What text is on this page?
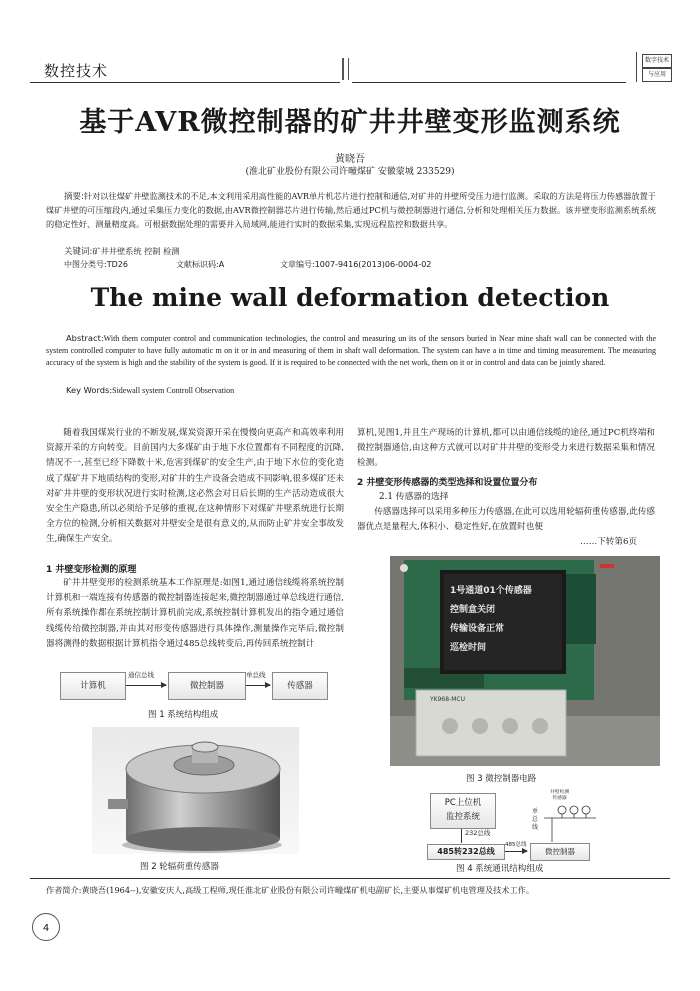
数控技术
数字技术
与应用
基于AVR微控制器的矿井井壁变形监测系统
黄晓吾
(淮北矿业股份有限公司许疃煤矿 安徽蒙城 233529)
摘要:针对以往煤矿井壁监测技术的不足,本文利用采用高性能的AVR单片机芯片进行控制和通信,对矿井的井壁所受压力进行监测。采取的方法是将压力传感器放置于煤矿井壁的可压缩段内,通过采集压力变化的数据,由AVR微控制器芯片进行传输,然后通过PC机与微控制器进行通信,分析和处理相关压力数据。该井壁变形监测系统系统的稳定性好、测量精度高。可根据数据处理的需要并入局域网,能进行实时的数据采集,实现远程监控和数据共享。
关键词:矿井井壁系统 控制 检测
中图分类号:TD26	文献标识码:A	文章编号:1007-9416(2013)06-0004-02
The mine wall deformation detection
Abstract:With them computer control and communication technologies, the control and measuring un its of the sensors buried in Near mine shaft wall can be connected with the system controlled computer to have fully automatic m on it or in and measuring of them in shaft wall deformation. The system can have a in time and timing measurement. The measuring accuracy of the system is high and the stability of the system is good. If it is required to be connected with the net work, them on it or in control and data can be jointly shared.
Key Words:Sidewall system Controll Observation

随着我国煤炭行业的不断发展,煤炭资源开采在慢慢向更高产和高效率利用资源开采的方向转变。目前国内大多煤矿由于地下水位置都有不同程度的沉降,情况不一,甚至已经下降数十米,危害到煤矿的安全生产,由于地下水位的变化造成了煤矿井下地质结构的变形,对矿井的生产设备会造成不同影响,很多煤矿还未对矿井井壁的变形状况进行实时检测,这必然会对日后长期的生产活动造成很大安全生产隐患,所以必须给予足够的重视,在这种情形下对煤矿井壁系统进行长期全方位的检测,分析相关数据对井壁安全是很有意义的,从而防止矿井安全事故发生,确保生产安全。

1 井壁变形检测的原理

矿井井壁变形的检测系统基本工作原理是:如图1,通过通信线缆将系统控制计算机和一端连接有传感器的微控制器连接起来,微控制器通过单总线进行通信,所有系统操作都在系统控制计算机前完成,系统控制计算机发出的指令通过通信线缆传给微控制器,并由其对形变传感器进行具体操作,测量操作完毕后,微控制器将测得的数据根据计算机指令通过485总线转变后,再传回系统控制计

计算机
通信总线
微控制器
单总线
传感器
图 1 系统结构组成
图 2 轮辐荷重传感器

算机,见图1,并且生产现场的计算机,都可以由通信线缆的途径,通过PC机终端和微控制器通信,由这种方式就可以对矿井井壁的变形受力来进行数据采集和情况检测。

2 井壁变形传感器的类型选择和设置位置分布
2.1 传感器的选择

传感器选择可以采用多种压力传感器,在此可以选用轮辐荷重传感器,此传感器优点是量程大,体积小、稳定性好,在放置时也便

……下转第6页
1号通道01个传感器
控制盒关闭
传输设备正常
巡检时间
YK968-MCU
图 3 微控制器电路
PC上位机
监控系统
232总线
485转232总线
485总线
微控制器
单
总
线
井壁检测
传感器
图 4 系统通讯结构组成
作者简介:黄晓吾(1964--),安徽安庆人,高级工程师,现任淮北矿业股份有限公司许疃煤矿机电副矿长,主要从事煤矿机电管理及技术工作。
4
